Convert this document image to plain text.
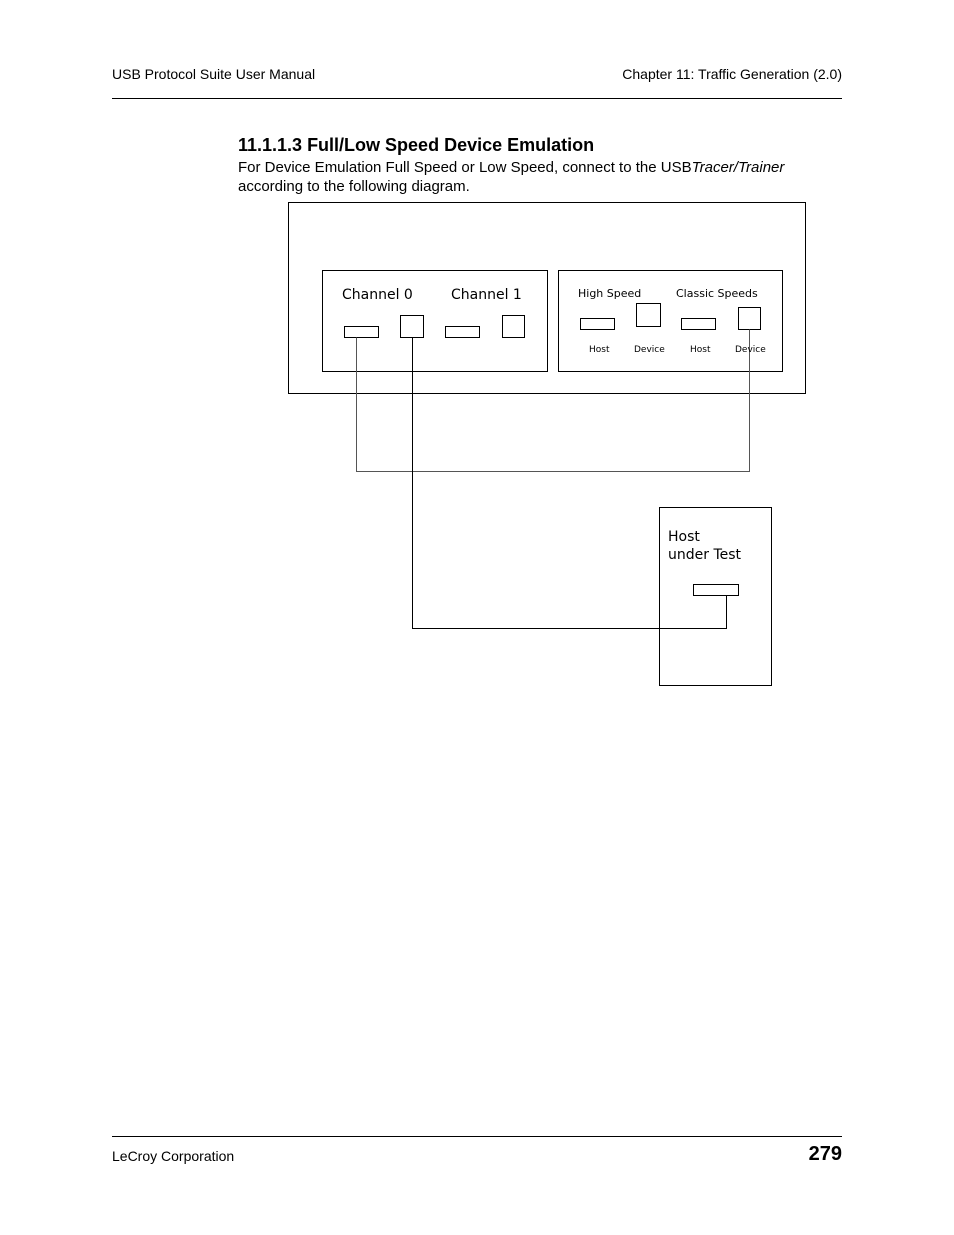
USB Protocol Suite User Manual	Chapter 11: Traffic Generation (2.0)
11.1.1.3 Full/Low Speed Device Emulation

For Device Emulation Full Speed or Low Speed, connect to the USBTracer/Trainer
according to the following diagram.

Channel 0	Channel 1	High Speed	Classic Speeds
Host	Device	Host	Device
Host
under Test
LeCroy Corporation	279
